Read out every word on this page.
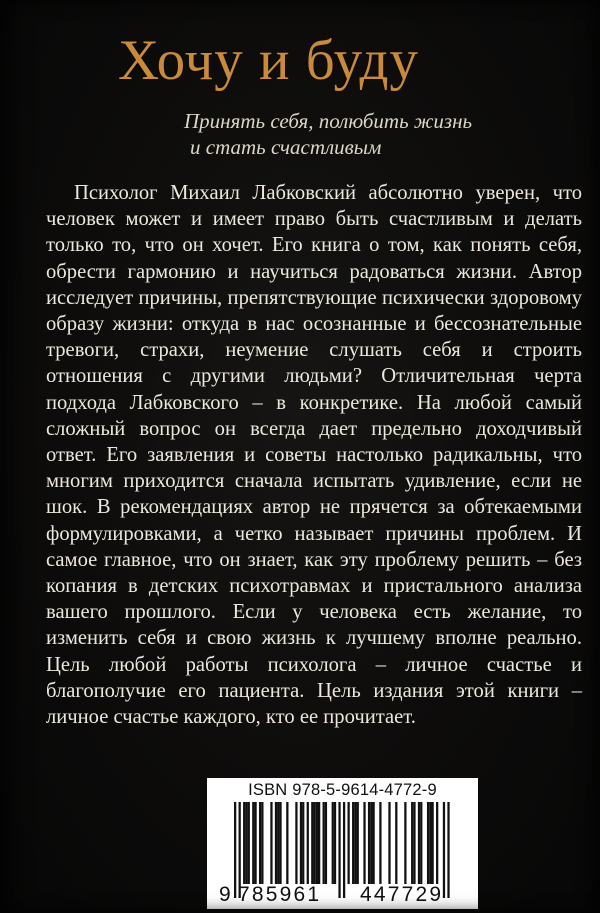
Хочу и буду
Принять себя, полюбить жизнь
и стать счастливым
Психолог Михаил Лабковский абсолютно уверен, что человек может и имеет право быть счастливым и делать только то, что он хочет. Его книга о том, как понять себя, обрести гармонию и научиться радоваться жизни. Автор исследует причины, препятствующие психически здоровому образу жизни: откуда в нас осознанные и бессознательные тревоги, страхи, неумение слушать себя и строить отношения с другими людьми? Отличительная черта подхода Лабковского – в конкретике. На любой самый сложный вопрос он всегда дает предельно доходчивый ответ. Его заявления и советы настолько радикальны, что многим приходится сначала испытать удивление, если не шок. В рекомендациях автор не прячется за обтекаемыми формулировками, а четко называет причины проблем. И самое главное, что он знает, как эту проблему решить – без копания в детских психотравмах и пристального анализа вашего прошлого. Если у человека есть желание, то изменить себя и свою жизнь к лучшему вполне реально. Цель любой работы психолога – личное счастье и благополучие его пациента. Цель издания этой книги – личное счастье каждого, кто ее прочитает.
ISBN 978-5-9614-4772-9
9 785961 447729
